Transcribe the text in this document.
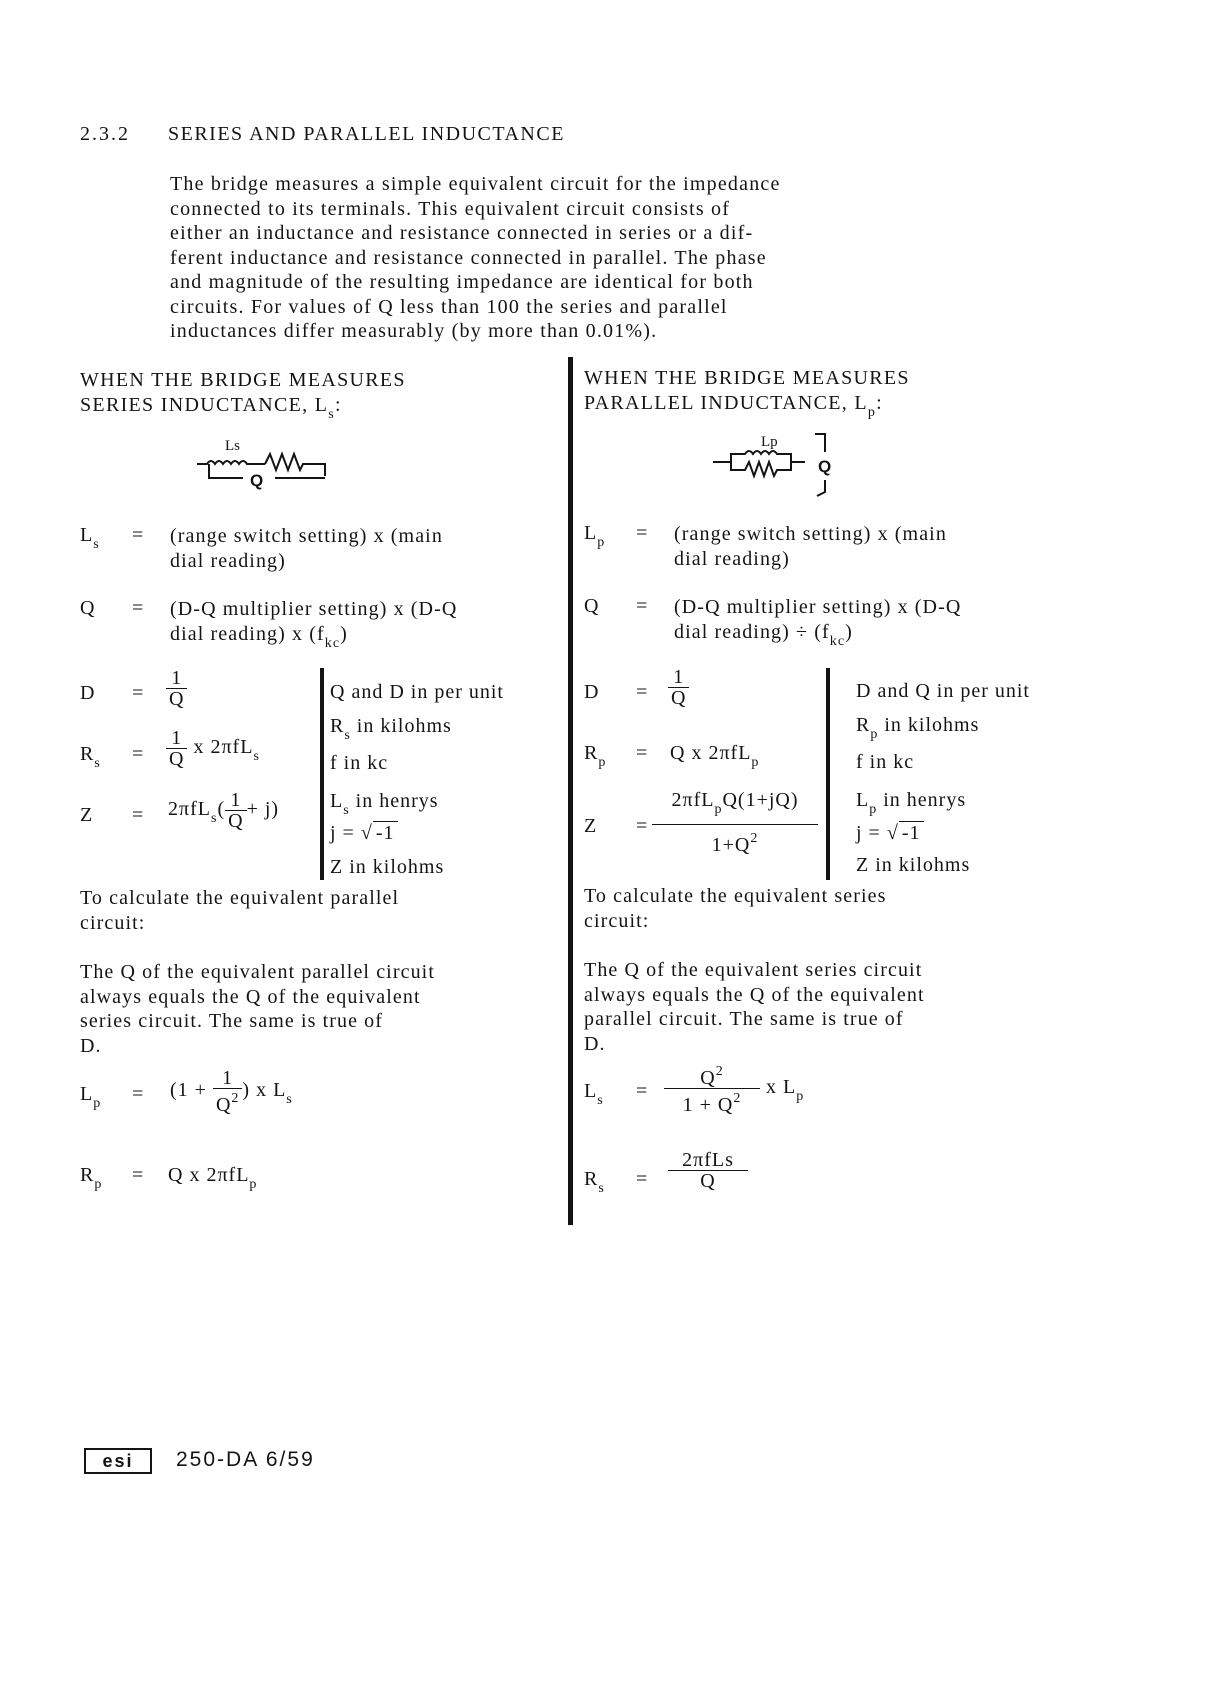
2.3.2 SERIES AND PARALLEL INDUCTANCE
The bridge measures a simple equivalent circuit for the impedance
connected to its terminals. This equivalent circuit consists of
either an inductance and resistance connected in series or a dif-
ferent inductance and resistance connected in parallel. The phase
and magnitude of the resulting impedance are identical for both
circuits. For values of Q less than 100 the series and parallel
inductances differ measurably (by more than 0.01%).
WHEN THE BRIDGE MEASURES
SERIES INDUCTANCE, $L_s$:
Ls
Q
$L_s$ = (range switch setting) x (main
dial reading)
Q = (D-Q multiplier setting) x (D-Q
dial reading) x $(f_{kc})$
$D = \frac{1}{Q}$
$R_s = \frac{1}{Q}$ x 2πfL$_s$
$Z = 2\pi fL_s( \frac{1}{Q} + j)$
Q and D in per unit
$R_s$ in kilohms
f in kc
$L_s$ in henrys
j = √ -1
Z in kilohms
To calculate the equivalent parallel
circuit:
The Q of the equivalent parallel circuit
always equals the Q of the equivalent
series circuit. The same is true of
D.
$L_p = (1 + \frac{1}{Q^2}$ ) x $L_s$
$R_p = Q$ x 2πfL$_p$
WHEN THE BRIDGE MEASURES
PARALLEL INDUCTANCE, $L_p$:
Lp
Q
$L_p$ = (range switch setting) x (main
dial reading)
Q = (D-Q multiplier setting) x (D-Q
dial reading) ÷ $(f_{kc})$
$D = \frac{1}{Q}$
$R_p = Q$ x 2πfL$_p$
$Z = \frac{2\pi fL_pQ(1+jQ)}{1+Q^2}$
D and Q in per unit
$R_p$ in kilohms
f in kc
$L_p$ in henrys
j = √ -1
Z in kilohms
To calculate the equivalent series
circuit:
The Q of the equivalent series circuit
always equals the Q of the equivalent
parallel circuit. The same is true of
D.
$L_s = \frac{Q^2}{1 + Q^2}$ x $L_p$
$R_s = \frac{\text{2πfLs}}{Q}$
esi	250-DA 6/59
